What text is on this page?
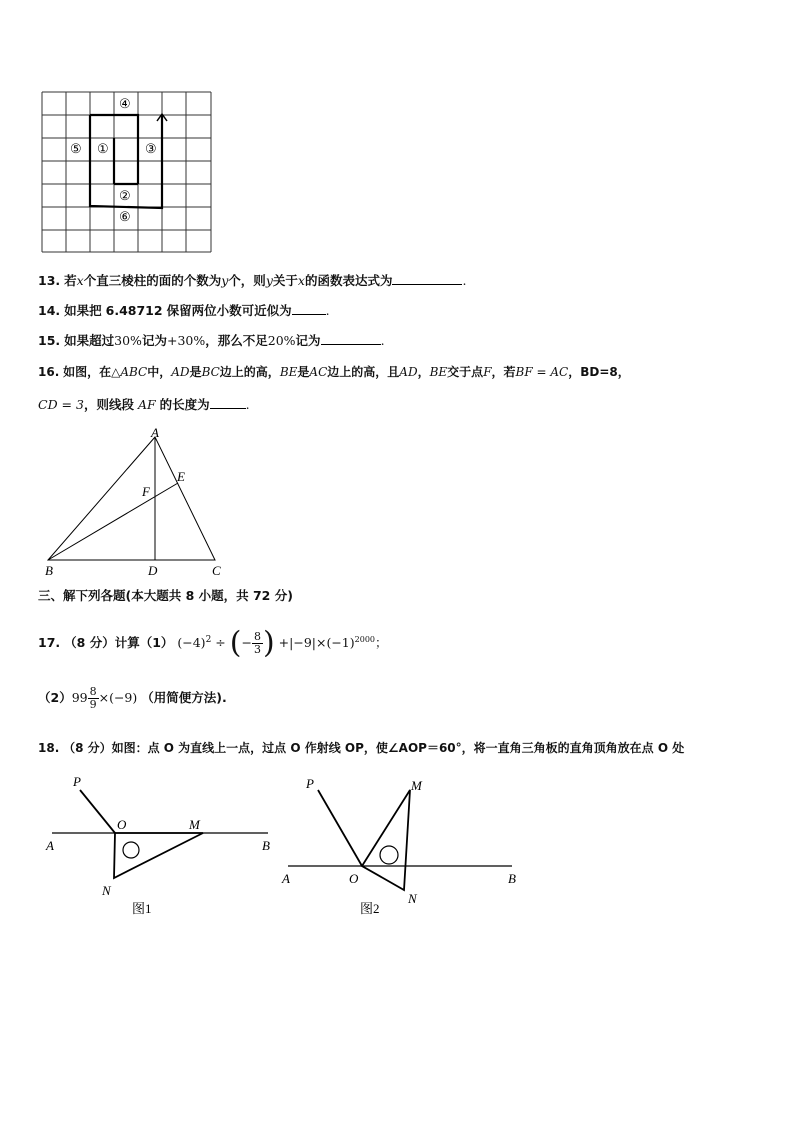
④
⑤ ①	③
②
⑥
13. 若x个直三棱柱的面的个数为y个，则y关于x的函数表达式为	.
14. 如果把 6.48712 保留两位小数可近似为	.
15. 如果超过30%记为+30%，那么不足20%记为	.
16. 如图，在△ABC中，AD是BC边上的高，BE是AC边上的高，且AD，BE交于点F，若BF = AC，BD=8，
CD = 3，则线段 AF 的长度为	.
A
E
F
B	D	C
三、解下列各题(本大题共 8 小题，共 72 分)
17. （8 分）计算（1） $(-4)^2$ ÷ (− $\frac{8}{3}$ ) $+|-9|\times(-1)^{2000}$；
$(2)99 \frac{8}{9} \times(-9)$ （用简便方法).
18. （8 分）如图：点 O 为直线上一点，过点 O 作射线 OP，使∠AOP＝60°，将一直角三角板的直角顶角放在点 O 处
P
O	M
A	B
N
图1
P	M
A	O	B
N
图2
